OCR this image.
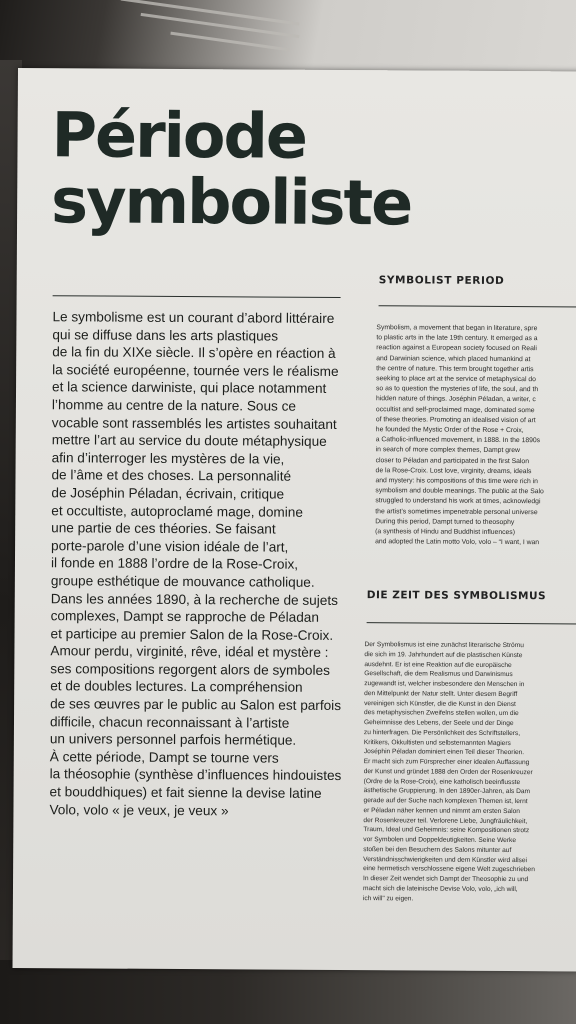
Période
symboliste
Le symbolisme est un courant d’abord littéraire
qui se diffuse dans les arts plastiques
de la fin du XIXe siècle. Il s’opère en réaction à
la société européenne, tournée vers le réalisme
et la science darwiniste, qui place notamment
l’homme au centre de la nature. Sous ce
vocable sont rassemblés les artistes souhaitant
mettre l’art au service du doute métaphysique
afin d’interroger les mystères de la vie,
de l’âme et des choses. La personnalité
de Joséphin Péladan, écrivain, critique
et occultiste, autoproclamé mage, domine
une partie de ces théories. Se faisant
porte-parole d’une vision idéale de l’art,
il fonde en 1888 l’ordre de la Rose-Croix,
groupe esthétique de mouvance catholique.
Dans les années 1890, à la recherche de sujets
complexes, Dampt se rapproche de Péladan
et participe au premier Salon de la Rose-Croix.
Amour perdu, virginité, rêve, idéal et mystère :
ses compositions regorgent alors de symboles
et de doubles lectures. La compréhension
de ses œuvres par le public au Salon est parfois
difficile, chacun reconnaissant à l’artiste
un univers personnel parfois hermétique.
À cette période, Dampt se tourne vers
la théosophie (synthèse d’influences hindouistes
et bouddhiques) et fait sienne la devise latine
Volo, volo « je veux, je veux »
SYMBOLIST PERIOD
Symbolism, a movement that began in literature, spre
to plastic arts in the late 19th century. It emerged as a
reaction against a European society focused on Reali
and Darwinian science, which placed humankind at
the centre of nature. This term brought together artis
seeking to place art at the service of metaphysical do
so as to question the mysteries of life, the soul, and th
hidden nature of things. Joséphin Péladan, a writer, c
occultist and self-proclaimed mage, dominated some
of these theories. Promoting an idealised vision of art
he founded the Mystic Order of the Rose + Croix,
a Catholic-influenced movement, in 1888. In the 1890s
in search of more complex themes, Dampt grew
closer to Péladan and participated in the first Salon
de la Rose-Croix. Lost love, virginity, dreams, ideals
and mystery: his compositions of this time were rich in
symbolism and double meanings. The public at the Salo
struggled to understand his work at times, acknowledgi
the artist’s sometimes impenetrable personal universe
During this period, Dampt turned to theosophy
(a synthesis of Hindu and Buddhist influences)
and adopted the Latin motto Volo, volo – “I want, I wan
DIE ZEIT DES SYMBOLISMUS
Der Symbolismus ist eine zunächst literarische Strömu
die sich im 19. Jahrhundert auf die plastischen Künste
ausdehnt. Er ist eine Reaktion auf die europäische
Gesellschaft, die dem Realismus und Darwinismus
zugewandt ist, welcher insbesondere den Menschen in
den Mittelpunkt der Natur stellt. Unter diesem Begriff
vereinigen sich Künstler, die die Kunst in den Dienst
des metaphysischen Zweifelns stellen wollen, um die
Geheimnisse des Lebens, der Seele und der Dinge
zu hinterfragen. Die Persönlichkeit des Schriftstellers,
Kritikers, Okkultisten und selbsternannten Magiers
Joséphin Péladan dominiert einen Teil dieser Theorien.
Er macht sich zum Fürsprecher einer idealen Auffassung
der Kunst und gründet 1888 den Orden der Rosenkreuzer
(Ordre de la Rose-Croix), eine katholisch beeinflusste
ästhetische Gruppierung. In den 1890er-Jahren, als Dam
gerade auf der Suche nach komplexen Themen ist, lernt
er Péladan näher kennen und nimmt am ersten Salon
der Rosenkreuzer teil. Verlorene Liebe, Jungfräulichkeit,
Traum, Ideal und Geheimnis: seine Kompositionen strotz
vor Symbolen und Doppeldeutigkeiten. Seine Werke
stoßen bei den Besuchern des Salons mitunter auf
Verständnisschwierigkeiten und dem Künstler wird allsei
eine hermetisch verschlossene eigene Welt zugeschrieben
In dieser Zeit wendet sich Dampt der Theosophie zu und
macht sich die lateinische Devise Volo, volo, „ich will,
ich will" zu eigen.
